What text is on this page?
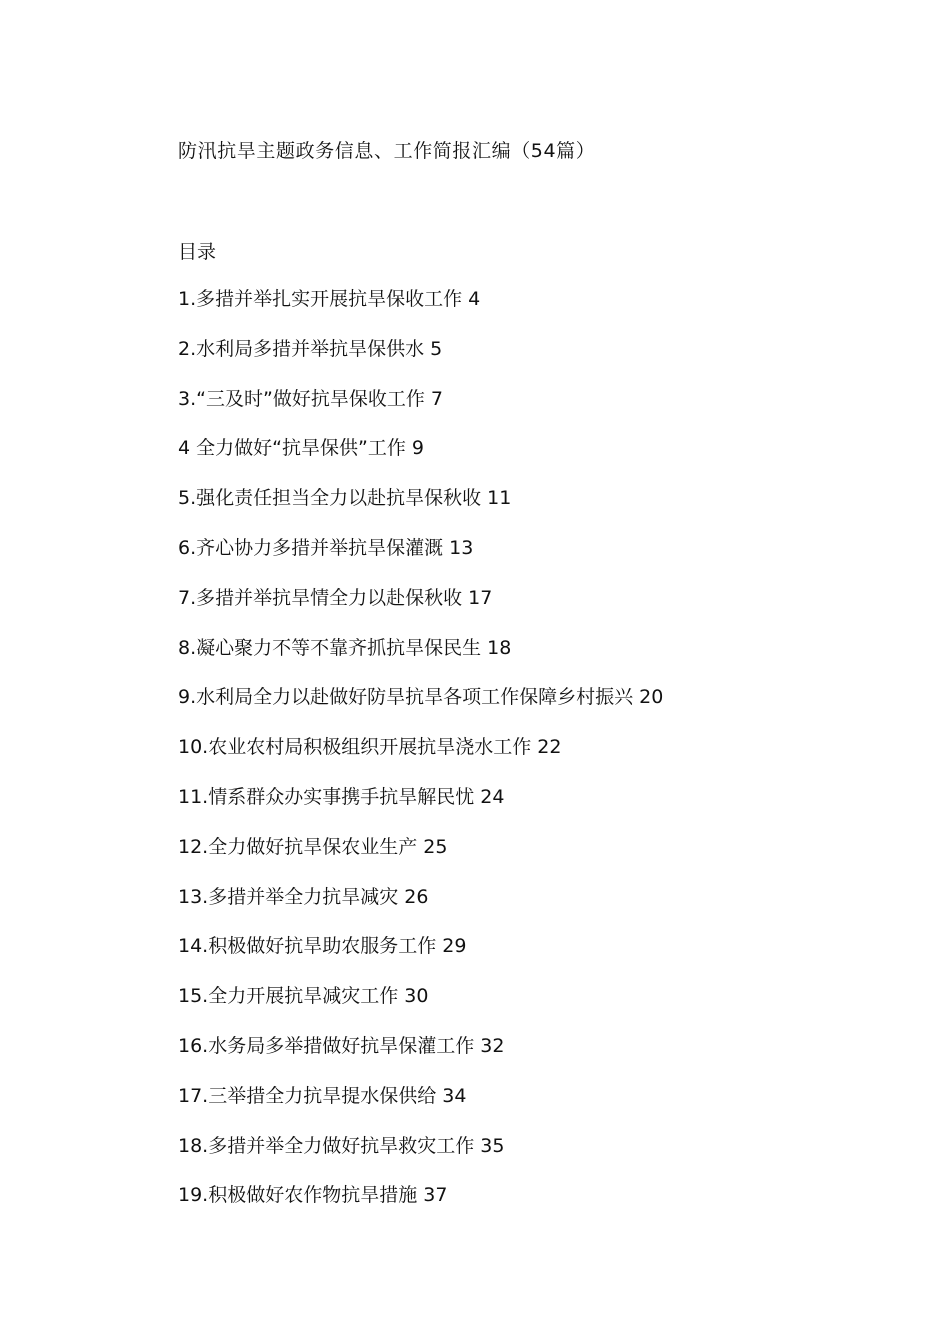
防汛抗旱主题政务信息、工作简报汇编（54篇）
目录
1.多措并举扎实开展抗旱保收工作 4
2.水利局多措并举抗旱保供水 5
3.“三及时”做好抗旱保收工作 7
4 全力做好“抗旱保供”工作 9
5.强化责任担当全力以赴抗旱保秋收 11
6.齐心协力多措并举抗旱保灌溉 13
7.多措并举抗旱情全力以赴保秋收 17
8.凝心聚力不等不靠齐抓抗旱保民生 18
9.水利局全力以赴做好防旱抗旱各项工作保障乡村振兴 20
10.农业农村局积极组织开展抗旱浇水工作 22
11.情系群众办实事携手抗旱解民忧 24
12.全力做好抗旱保农业生产 25
13.多措并举全力抗旱减灾 26
14.积极做好抗旱助农服务工作 29
15.全力开展抗旱减灾工作 30
16.水务局多举措做好抗旱保灌工作 32
17.三举措全力抗旱提水保供给 34
18.多措并举全力做好抗旱救灾工作 35
19.积极做好农作物抗旱措施 37
